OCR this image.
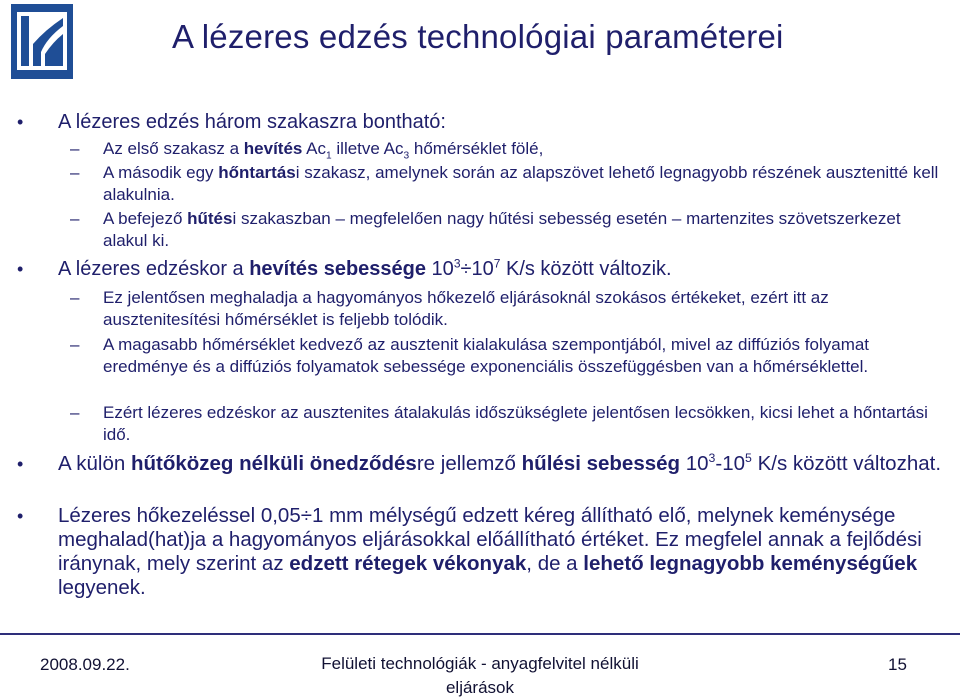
A lézeres edzés technológiai paraméterei
• A lézeres edzés három szakaszra bontható:
– Az első szakasz a hevítés $Ac_1$ illetve $Ac_3$ hőmérséklet fölé,
– A második egy hőntartási szakasz, amelynek során az alapszövet lehető legnagyobb részének ausztenitté kell alakulnia.
– A befejező hűtési szakaszban – megfelelően nagy hűtési sebesség esetén – martenzites szövetszerkezet alakul ki.
• A lézeres edzéskor a hevítés sebessége $10^3\div 10^7$ K/s között változik.
– Ez jelentősen meghaladja a hagyományos hőkezelő eljárásoknál szokásos értékeket, ezért itt az ausztenitesítési hőmérséklet is feljebb tolódik.
– A magasabb hőmérséklet kedvező az ausztenit kialakulása szempontjából, mivel az diffúziós folyamat eredménye és a diffúziós folyamatok sebessége exponenciális összefüggésben van a hőmérséklettel.
– Ezért lézeres edzéskor az ausztenites átalakulás időszükséglete jelentősen lecsökken, kicsi lehet a hőntartási idő.
• A külön hűtőközeg nélküli önedződésre jellemző hűlési sebesség $10^3-10^5$ K/s között változhat.
• Lézeres hőkezeléssel 0,05÷1 mm mélységű edzett kéreg állítható elő, melynek keménysége meghalad(hat)ja a hagyományos eljárásokkal előállítható értéket. Ez megfelel annak a fejlődési iránynak, mely szerint az edzett rétegek vékonyak, de a lehető legnagyobb keménységűek legyenek.
2008.09.22.	Felületi technológiák - anyagfelvitel nélküli eljárások
15
